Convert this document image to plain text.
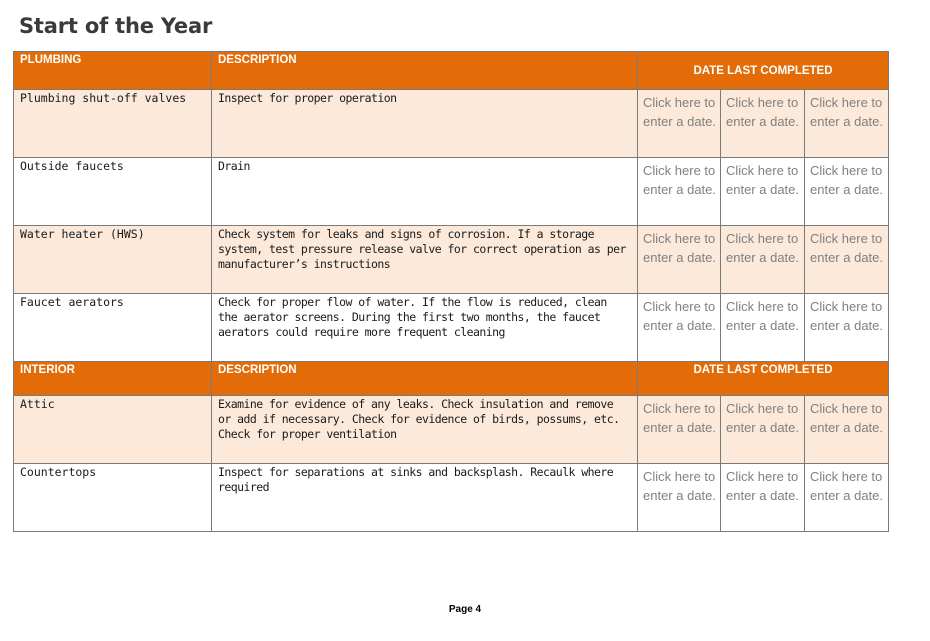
Start of the Year
PLUMBING	DESCRIPTION	DATE LAST COMPLETED		
Plumbing shut-off valves	Inspect for proper operation	Click here to enter a date.	Click here to enter a date.	Click here to enter a date.
Outside faucets	Drain	Click here to enter a date.	Click here to enter a date.	Click here to enter a date.
Water heater (HWS)	Check system for leaks and signs of corrosion. If a storage system, test pressure release valve for correct operation as per manufacturer’s instructions	Click here to enter a date.	Click here to enter a date.	Click here to enter a date.
Faucet aerators	Check for proper flow of water. If the flow is reduced, clean the aerator screens. During the first two months, the faucet aerators could require more frequent cleaning	Click here to enter a date.	Click here to enter a date.	Click here to enter a date.
INTERIOR	DESCRIPTION	DATE LAST COMPLETED		
Attic	Examine for evidence of any leaks. Check insulation and remove or add if necessary. Check for evidence of birds, possums, etc. Check for proper ventilation	Click here to enter a date.	Click here to enter a date.	Click here to enter a date.
Countertops	Inspect for separations at sinks and backsplash. Recaulk where required	Click here to enter a date.	Click here to enter a date.	Click here to enter a date.
Page 4
